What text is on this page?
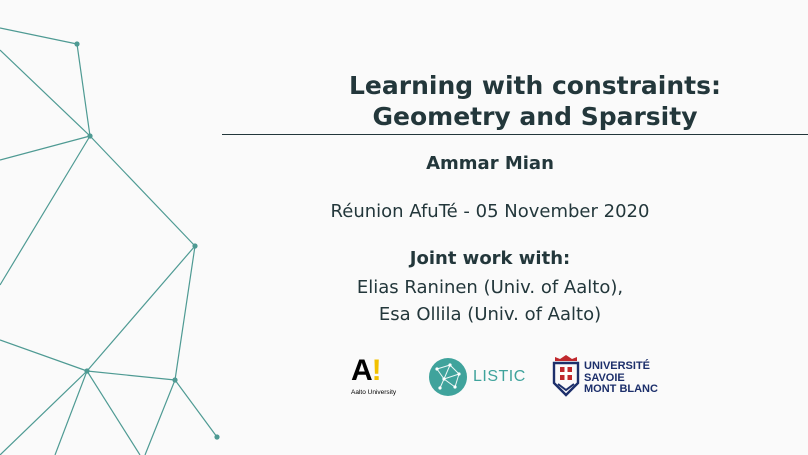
Learning with constraints:
Geometry and Sparsity
Ammar Mian
Réunion AfuTé - 05 November 2020
Joint work with:
Elias Raninen (Univ. of Aalto),
Esa Ollila (Univ. of Aalto)
A!
Aalto University
LISTIC
UNIVERSITÉ
SAVOIE
MONT BLANC
